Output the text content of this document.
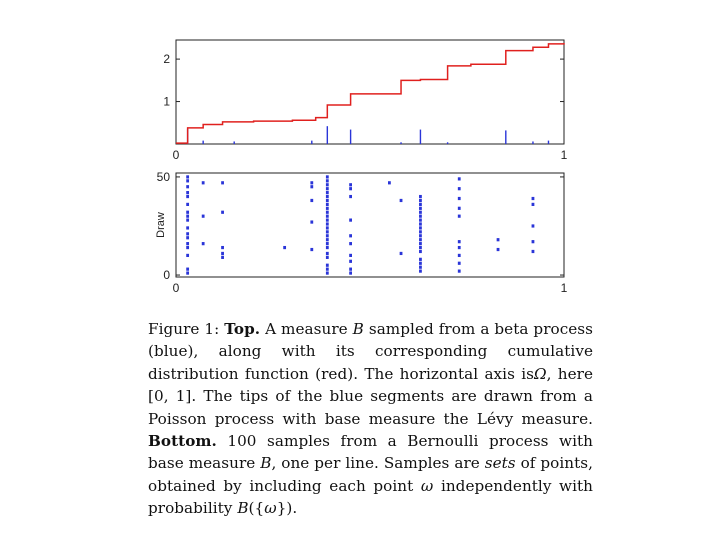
1
2
0	1
0
50
0	1
Draw
Figure 1: Top. A measure B sampled from a beta process (blue), along with its corresponding cumulative distribution function (red). The horizontal axis isΩ, here [0, 1]. The tips of the blue segments are drawn from a Poisson process with base measure the Lévy measure. Bottom. 100 samples from a Bernoulli process with base measure B, one per line. Samples are sets of points, obtained by including each point ω independently with probability B({ω}).
